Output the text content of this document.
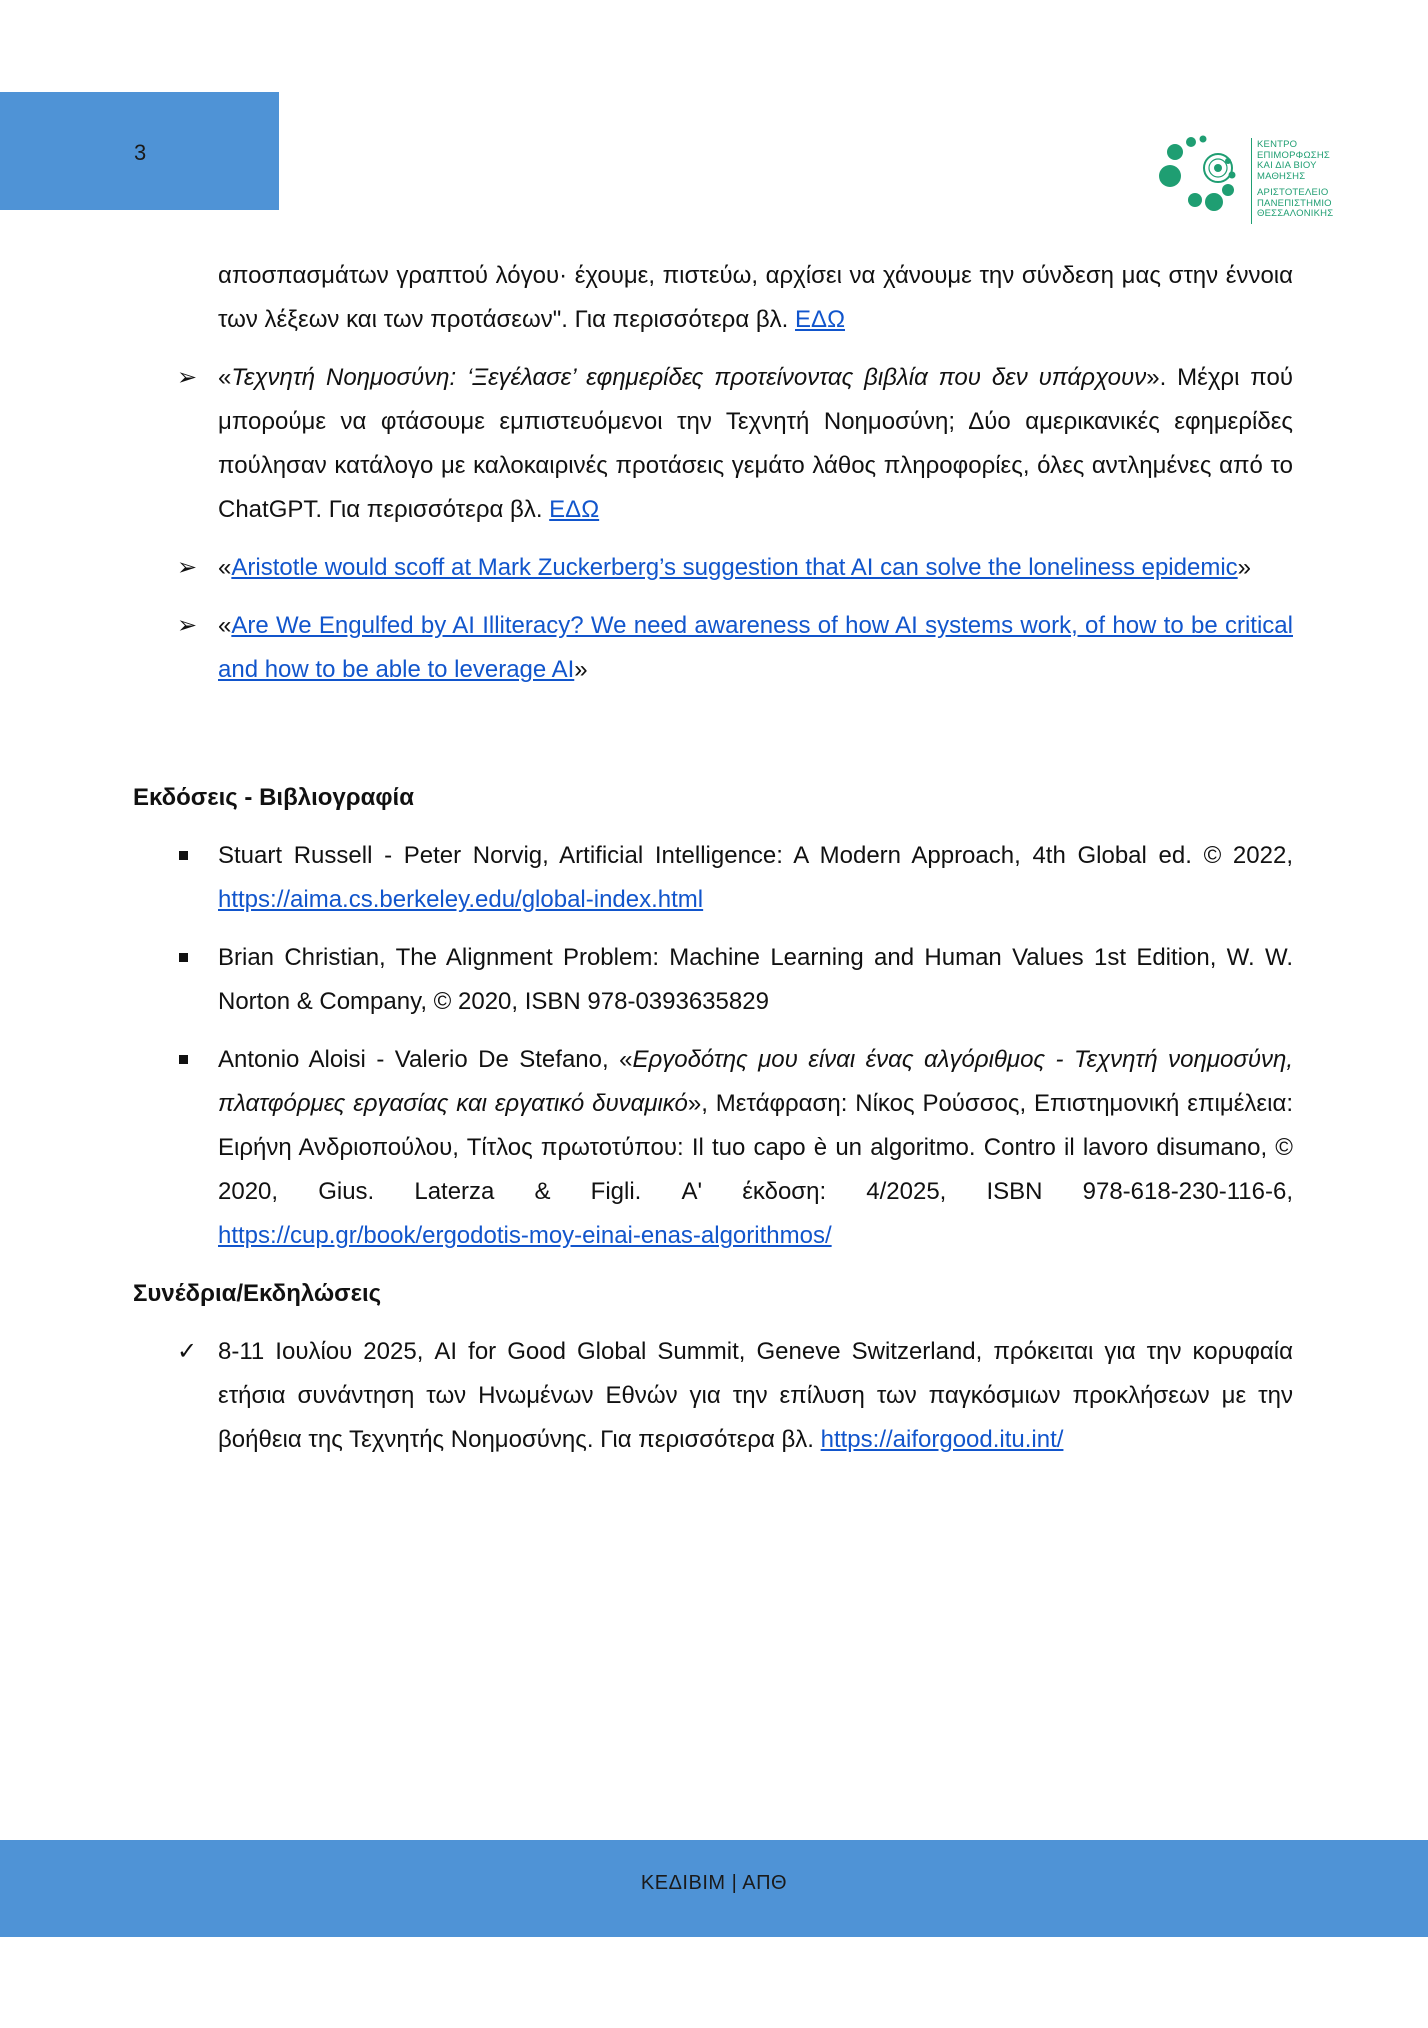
3	ΚΕΝΤΡΟ
ΕΠΙΜΟΡΦΩΣΗΣ
ΚΑΙ ΔΙΑ ΒΙΟΥ
ΜΑΘΗΣΗΣ
ΑΡΙΣΤΟΤΕΛΕΙΟ
ΠΑΝΕΠΙΣΤΗΜΙΟ
ΘΕΣΣΑΛΟΝΙΚΗΣ
αποσπασμάτων γραπτού λόγου· έχουμε, πιστεύω, αρχίσει να χάνουμε την σύνδεση μας στην έννοια των λέξεων και των προτάσεων". Για περισσότερα βλ. ΕΔΩ
➢ «Τεχνητή Νοημοσύνη: ‘Ξεγέλασε’ εφημερίδες προτείνοντας βιβλία που δεν υπάρχουν». Μέχρι πού μπορούμε να φτάσουμε εμπιστευόμενοι την Τεχνητή Νοημοσύνη; Δύο αμερικανικές εφημερίδες πούλησαν κατάλογο με καλοκαιρινές προτάσεις γεμάτο λάθος πληροφορίες, όλες αντλημένες από το ChatGPT. Για περισσότερα βλ. ΕΔΩ
➢ «Aristotle would scoff at Mark Zuckerberg’s suggestion that AI can solve the loneliness epidemic»
➢ «Are We Engulfed by AI Illiteracy? We need awareness of how AI systems work, of how to be critical and how to be able to leverage AI»
Εκδόσεις - Βιβλιογραφία
Stuart Russell - Peter Norvig, Artificial Intelligence: A Modern Approach, 4th Global ed. © 2022, https://aima.cs.berkeley.edu/global-index.html
Brian Christian, The Alignment Problem: Machine Learning and Human Values 1st Edition, W. W. Norton & Company, © 2020, ISBN 978-0393635829
Antonio Aloisi - Valerio De Stefano, «Εργοδότης μου είναι ένας αλγόριθμος - Τεχνητή νοημοσύνη, πλατφόρμες εργασίας και εργατικό δυναμικό», Μετάφραση: Νίκος Ρούσσος, Επιστημονική επιμέλεια: Ειρήνη Ανδριοπούλου, Τίτλος πρωτοτύπου: Il tuo capo è un algoritmo. Contro il lavoro disumano, © 2020, Gius. Laterza & Figli. Α' έκδοση: 4/2025, ISBN 978-618-230-116-6, https://cup.gr/book/ergodotis-moy-einai-enas-algorithmos/
Συνέδρια/Εκδηλώσεις
✓ 8-11 Ιουλίου 2025, AI for Good Global Summit, Geneve Switzerland, πρόκειται για την κορυφαία ετήσια συνάντηση των Ηνωμένων Εθνών για την επίλυση των παγκόσμιων προκλήσεων με την βοήθεια της Τεχνητής Νοημοσύνης. Για περισσότερα βλ. https://aiforgood.itu.int/
ΚΕΔΙΒΙΜ | ΑΠΘ
